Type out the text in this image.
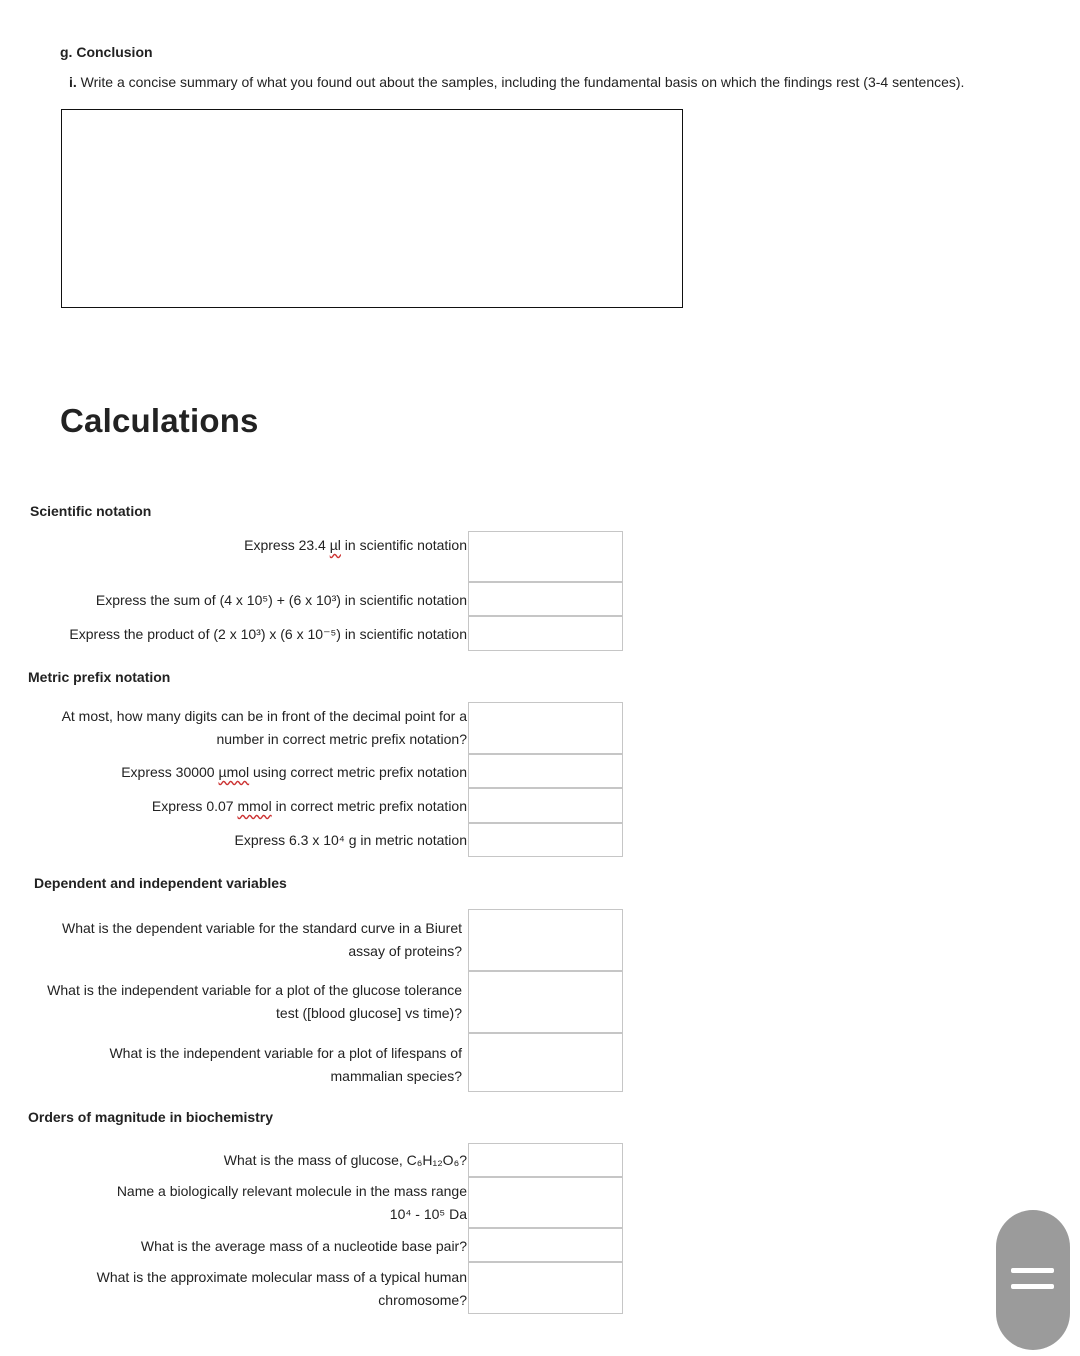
g. Conclusion
i. Write a concise summary of what you found out about the samples, including the fundamental basis on which the findings rest (3-4 sentences).
Calculations
Scientific notation
Express 23.4 µl in scientific notation
Express the sum of (4 x 10⁵) + (6 x 10³) in scientific notation
Express the product of (2 x 10³) x (6 x 10⁻⁵) in scientific notation
Metric prefix notation
At most, how many digits can be in front of the decimal point for a
number in correct metric prefix notation?
Express 30000 µmol using correct metric prefix notation
Express 0.07 mmol in correct metric prefix notation
Express 6.3 x 10⁴ g in metric notation
Dependent and independent variables
What is the dependent variable for the standard curve in a Biuret
assay of proteins?
What is the independent variable for a plot of the glucose tolerance
test ([blood glucose] vs time)?
What is the independent variable for a plot of lifespans of
mammalian species?
Orders of magnitude in biochemistry
What is the mass of glucose, C₆H₁₂O₆?
Name a biologically relevant molecule in the mass range
10⁴ - 10⁵ Da
What is the average mass of a nucleotide base pair?
What is the approximate molecular mass of a typical human
chromosome?
